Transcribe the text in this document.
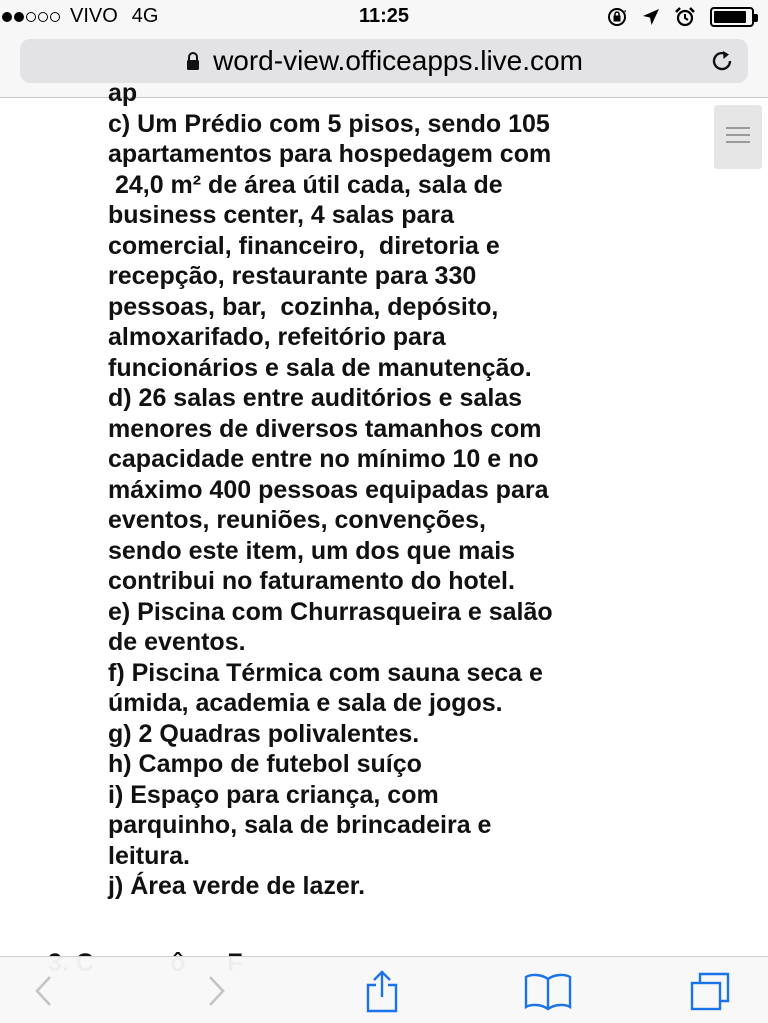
VIVO 4G	11:25
word-view.officeapps.live.com
ap
c) Um Prédio com 5 pisos, sendo 105
apartamentos para hospedagem com
24,0 m² de área útil cada, sala de
business center, 4 salas para
comercial, financeiro,  diretoria e
recepção, restaurante para 330
pessoas, bar,  cozinha, depósito,
almoxarifado, refeitório para
funcionários e sala de manutenção.
d) 26 salas entre auditórios e salas
menores de diversos tamanhos com
capacidade entre no mínimo 10 e no
máximo 400 pessoas equipadas para
eventos, reuniões, convenções,
sendo este item, um dos que mais
contribui no faturamento do hotel.
e) Piscina com Churrasqueira e salão
de eventos.
f) Piscina Térmica com sauna seca e
úmida, academia e sala de jogos.
g) 2 Quadras polivalentes.
h) Campo de futebol suíço
i) Espaço para criança, com
parquinho, sala de brincadeira e
leitura.
j) Área verde de lazer.
